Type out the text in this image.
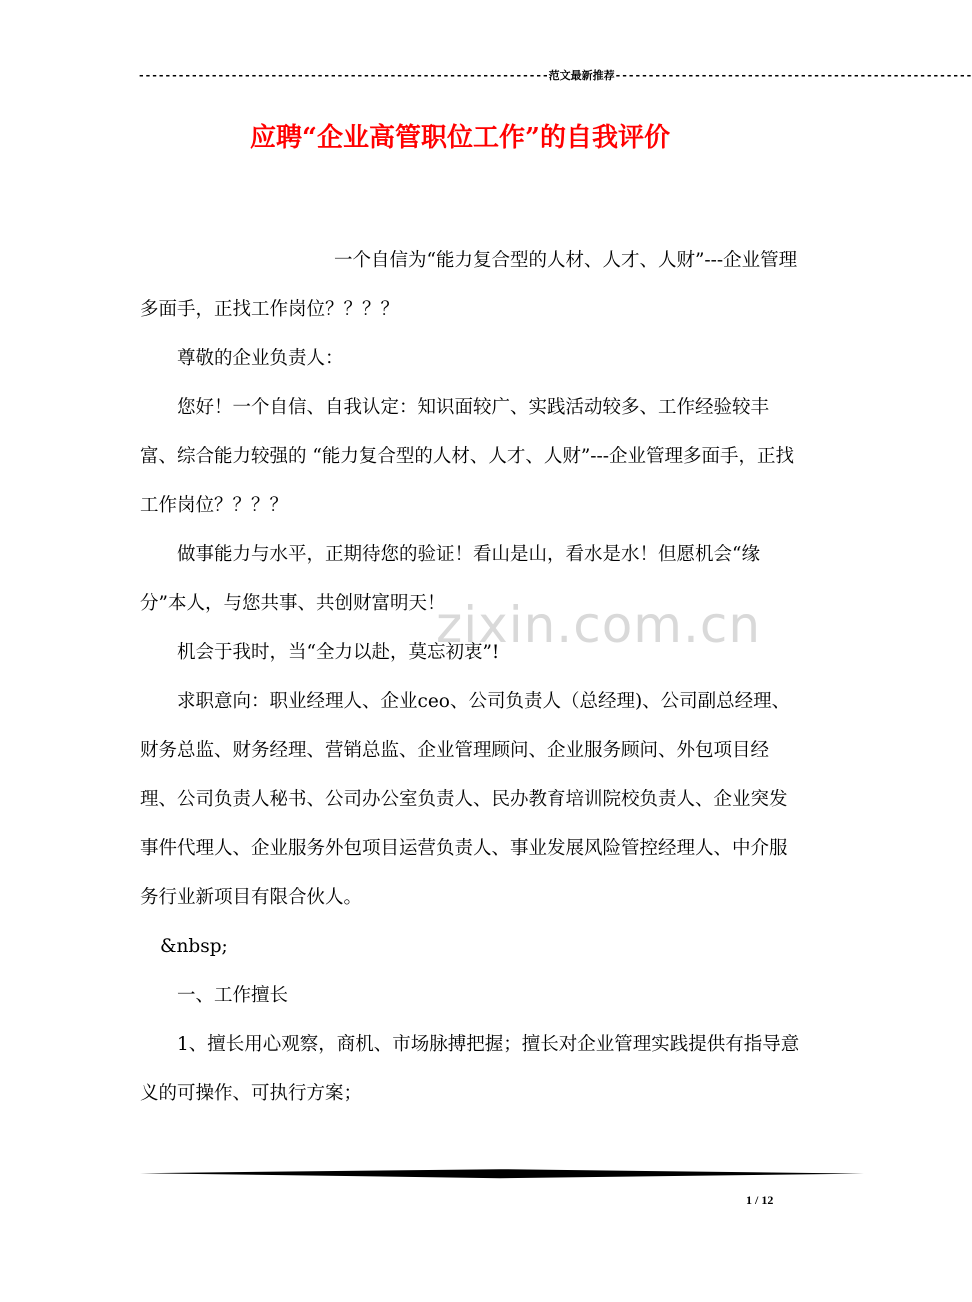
--------------------------------------------------------------范文最新推荐------------------------------------------------------
应聘“企业高管职位工作”的自我评价
zixin.com.cn

一个自信为“能力复合型的人材、人才、人财”---企业管理多面手，正找工作岗位？？？？

尊敬的企业负责人：

您好！一个自信、自我认定：知识面较广、实践活动较多、工作经验较丰富、综合能力较强的 “能力复合型的人材、人才、人财”---企业管理多面手，正找工作岗位？？？？

做事能力与水平，正期待您的验证！看山是山，看水是水！但愿机会“缘分”本人，与您共事、共创财富明天！

机会于我时，当“全力以赴，莫忘初衷”!

求职意向：职业经理人、企业ceo、公司负责人（总经理)、公司副总经理、财务总监、财务经理、营销总监、企业管理顾问、企业服务顾问、外包项目经理、公司负责人秘书、公司办公室负责人、民办教育培训院校负责人、企业突发事件代理人、企业服务外包项目运营负责人、事业发展风险管控经理人、中介服务行业新项目有限合伙人。

&nbsp;

一、工作擅长

1、擅长用心观察，商机、市场脉搏把握；擅长对企业管理实践提供有指导意义的可操作、可执行方案；

1 / 12
